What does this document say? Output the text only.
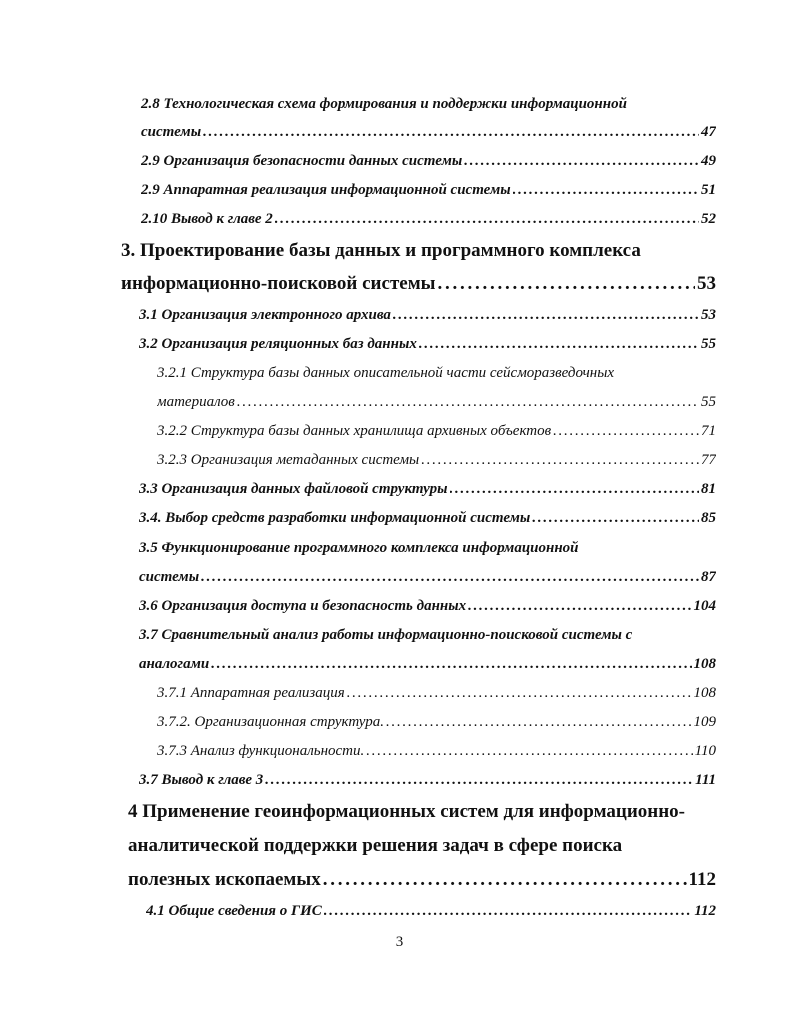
2.8 Технологическая схема формирования и поддержки информационной
системы . . .	47
2.9 Организация безопасности данных системы . . .	49
2.9 Аппаратная реализация информационной системы . . .	51
2.10 Вывод к главе 2 . . .	52
3. Проектирование базы данных и программного комплекса
информационно-поисковой системы . . .	53
3.1 Организация электронного архива . . .	53
3.2 Организация реляционных баз данных . . .	55
3.2.1 Структура базы данных описательной части сейсморазведочных
материалов . . .	55
3.2.2 Структура базы данных хранилища архивных объектов . . .	71
3.2.3 Организация метаданных системы . . .	77
3.3 Организация данных файловой структуры . . .	81
3.4. Выбор средств разработки информационной системы . . .	85
3.5 Функционирование программного комплекса информационной
системы . . .	87
3.6 Организация доступа и безопасность данных . . .	104
3.7 Сравнительный анализ работы информационно-поисковой системы с
аналогами . . .	108
3.7.1 Аппаратная реализация . . .	108
3.7.2. Организационная структура. . . .	109
3.7.3 Анализ функциональности. . . .	110
3.7 Вывод к главе 3 . . .	111
4 Применение геоинформационных систем для информационно-
аналитической поддержки решения задач в сфере поиска
полезных ископаемых . . .	112
4.1 Общие сведения о ГИС . . .	112
3
